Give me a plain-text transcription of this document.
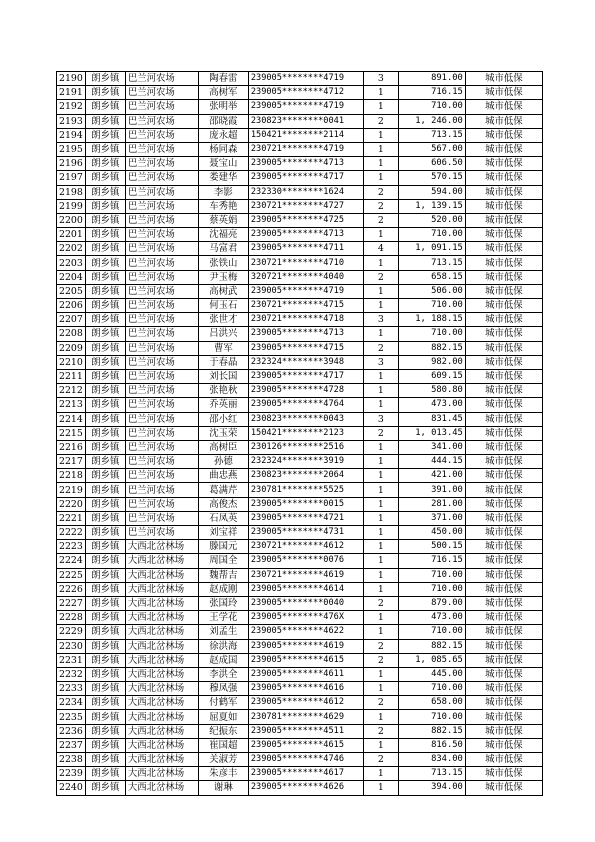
2190	朗乡镇	巴兰河农场	陶春雷	239005********4719	3	891.00	城市低保
2191	朗乡镇	巴兰河农场	高树军	239005********4712	1	716.15	城市低保
2192	朗乡镇	巴兰河农场	张明举	239005********4719	1	710.00	城市低保
2193	朗乡镇	巴兰河农场	邵晓霞	230823********0041	2	1, 246.00	城市低保
2194	朗乡镇	巴兰河农场	庞永超	150421********2114	1	713.15	城市低保
2195	朗乡镇	巴兰河农场	杨同森	230721********4719	1	567.00	城市低保
2196	朗乡镇	巴兰河农场	聂宝山	239005********4713	1	606.50	城市低保
2197	朗乡镇	巴兰河农场	娄建华	239005********4717	1	570.15	城市低保
2198	朗乡镇	巴兰河农场	李影	232330********1624	2	594.00	城市低保
2199	朗乡镇	巴兰河农场	车秀艳	230721********4727	2	1, 139.15	城市低保
2200	朗乡镇	巴兰河农场	蔡英娟	239005********4725	2	520.00	城市低保
2201	朗乡镇	巴兰河农场	沈福亮	239005********4713	1	710.00	城市低保
2202	朗乡镇	巴兰河农场	马富君	239005********4711	4	1, 091.15	城市低保
2203	朗乡镇	巴兰河农场	张铁山	230721********4710	1	713.15	城市低保
2204	朗乡镇	巴兰河农场	尹玉梅	320721********4040	2	658.15	城市低保
2205	朗乡镇	巴兰河农场	高树武	239005********4719	1	506.00	城市低保
2206	朗乡镇	巴兰河农场	何玉石	230721********4715	1	710.00	城市低保
2207	朗乡镇	巴兰河农场	张世才	230721********4718	3	1, 188.15	城市低保
2208	朗乡镇	巴兰河农场	吕洪兴	239005********4713	1	710.00	城市低保
2209	朗乡镇	巴兰河农场	曹军	239005********4715	2	882.15	城市低保
2210	朗乡镇	巴兰河农场	于春晶	232324********3948	3	982.00	城市低保
2211	朗乡镇	巴兰河农场	刘长国	239005********4717	1	609.15	城市低保
2212	朗乡镇	巴兰河农场	张艳秋	239005********4728	1	580.80	城市低保
2213	朗乡镇	巴兰河农场	乔英丽	239005********4764	1	473.00	城市低保
2214	朗乡镇	巴兰河农场	邵小红	230823********0043	3	831.45	城市低保
2215	朗乡镇	巴兰河农场	沈玉荣	150421********2123	2	1, 013.45	城市低保
2216	朗乡镇	巴兰河农场	高树臣	230126********2516	1	341.00	城市低保
2217	朗乡镇	巴兰河农场	孙德	232324********3919	1	444.15	城市低保
2218	朗乡镇	巴兰河农场	曲忠燕	230823********2064	1	421.00	城市低保
2219	朗乡镇	巴兰河农场	葛满芹	230781********5525	1	391.00	城市低保
2220	朗乡镇	巴兰河农场	高俊杰	239005********0015	1	281.00	城市低保
2221	朗乡镇	巴兰河农场	石凤英	239005********4721	1	371.00	城市低保
2222	朗乡镇	巴兰河农场	刘宝祥	239005********4731	1	450.00	城市低保
2223	朗乡镇	大西北岔林场	滕国元	230721********4612	1	500.15	城市低保
2224	朗乡镇	大西北岔林场	周国全	239005********0076	1	716.15	城市低保
2225	朗乡镇	大西北岔林场	魏帮吉	230721********4619	1	710.00	城市低保
2226	朗乡镇	大西北岔林场	赵成刚	239005********4614	1	710.00	城市低保
2227	朗乡镇	大西北岔林场	张国玲	239005********0040	2	879.00	城市低保
2228	朗乡镇	大西北岔林场	王学花	239005********476X	1	473.00	城市低保
2229	朗乡镇	大西北岔林场	刘孟生	239005********4622	1	710.00	城市低保
2230	朗乡镇	大西北岔林场	徐洪海	239005********4619	2	882.15	城市低保
2231	朗乡镇	大西北岔林场	赵成国	239005********4615	2	1, 085.65	城市低保
2232	朗乡镇	大西北岔林场	李洪全	239005********4611	1	445.00	城市低保
2233	朗乡镇	大西北岔林场	穆凤强	239005********4616	1	710.00	城市低保
2234	朗乡镇	大西北岔林场	付鹤军	239005********4612	2	658.00	城市低保
2235	朗乡镇	大西北岔林场	屈夏如	230781********4629	1	710.00	城市低保
2236	朗乡镇	大西北岔林场	纪振东	239005********4511	2	882.15	城市低保
2237	朗乡镇	大西北岔林场	崔国超	239005********4615	1	816.50	城市低保
2238	朗乡镇	大西北岔林场	关淑芳	239005********4746	2	834.00	城市低保
2239	朗乡镇	大西北岔林场	朱彦丰	239005********4617	1	713.15	城市低保
2240	朗乡镇	大西北岔林场	谢琳	239005********4626	1	394.00	城市低保
